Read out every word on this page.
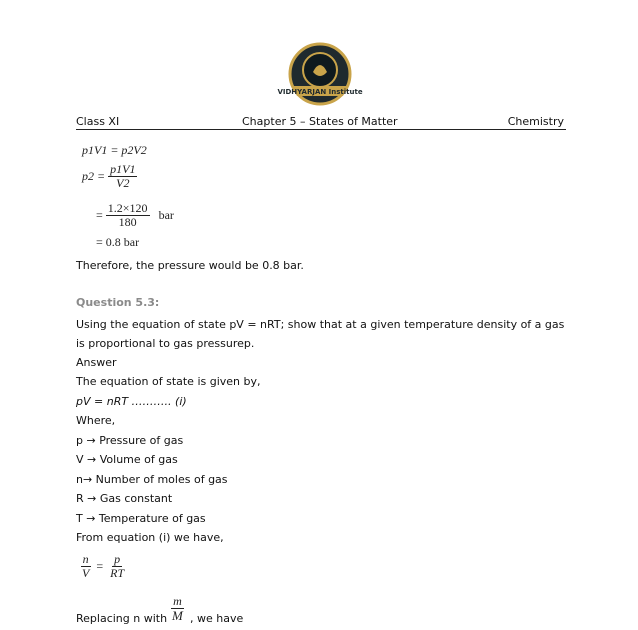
VIDHYARJAN Institute
Class XI	Chapter 5 – States of Matter	Chemistry
p1V1 = p2V2
$p2 = \frac{p1V1}{V2}$
= $\frac{1.2\times 120}{180}$ bar
= 0.8 bar
Therefore, the pressure would be 0.8 bar.
Question 5.3:
Using the equation of state pV = nRT; show that at a given temperature density of a gas
is proportional to gas pressurep.
Answer
The equation of state is given by,
pV = nRT ……….. (i)
Where,
p → Pressure of gas
V → Volume of gas
n→ Number of moles of gas
R → Gas constant
T → Temperature of gas
From equation (i) we have,
$\frac{n}{V} = \frac{p}{RT}$
Replacing n with $\frac{m}{M}$ , we have
